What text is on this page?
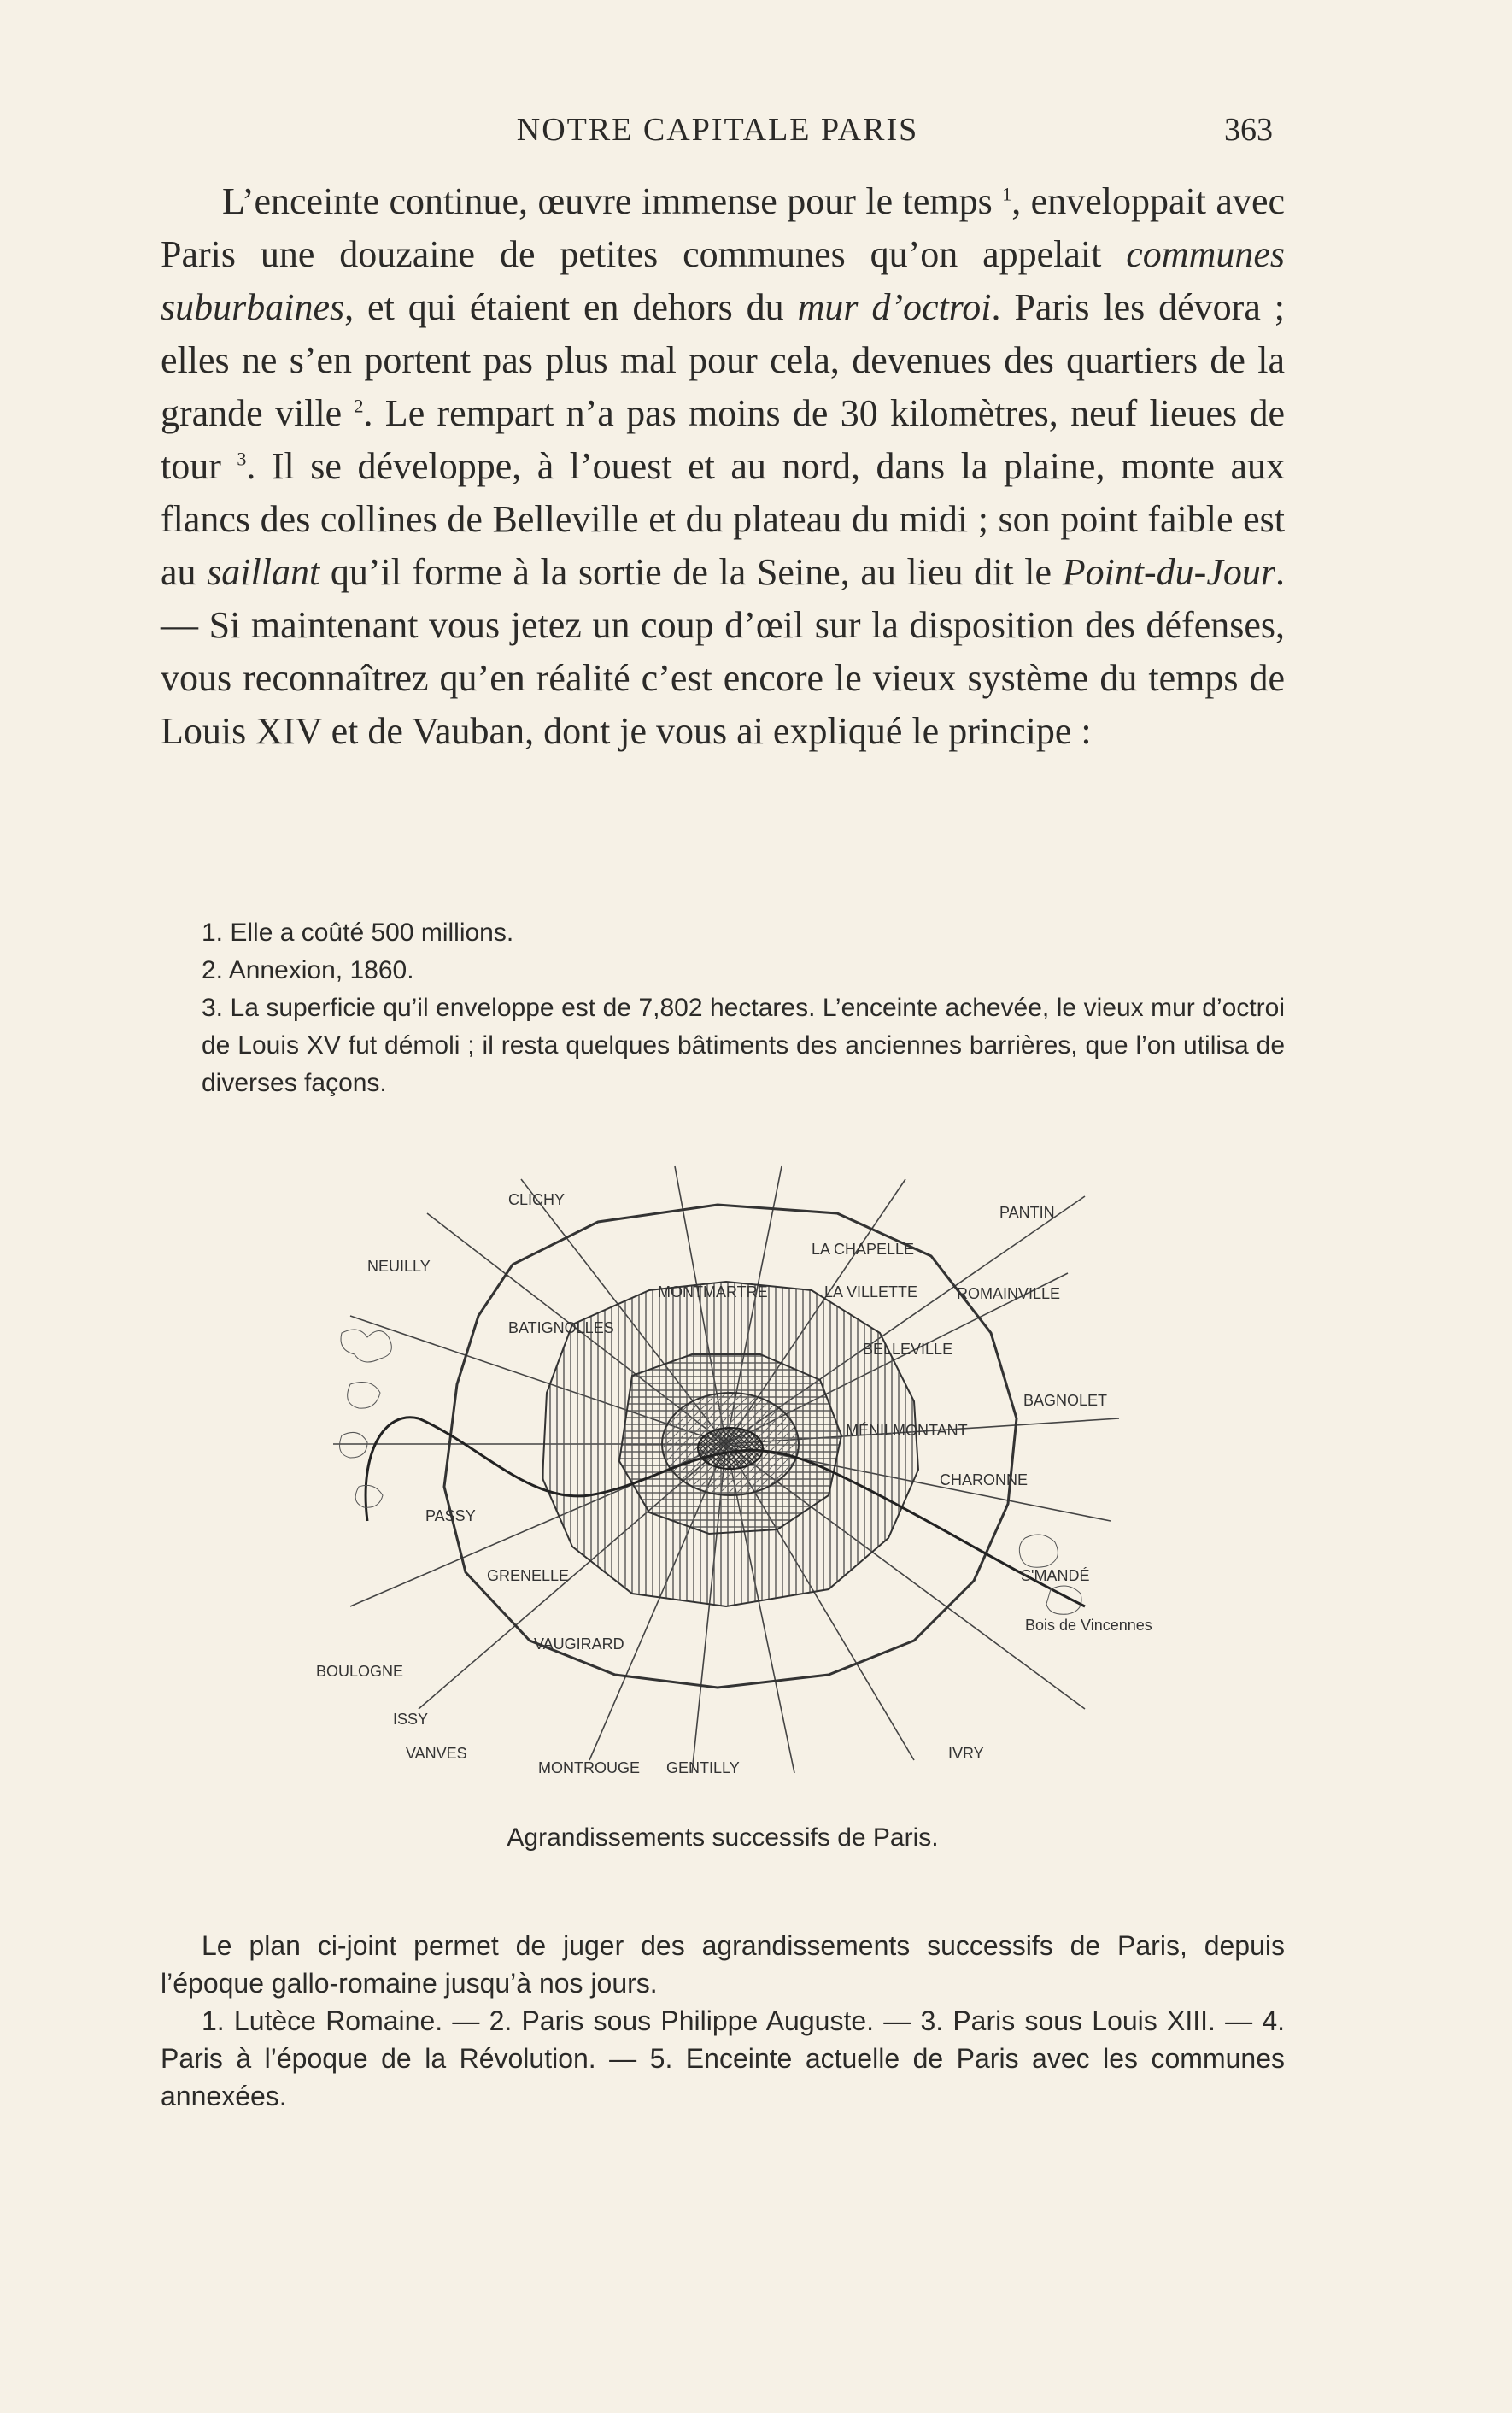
NOTRE CAPITALE PARIS	363

L’enceinte continue, œuvre immense pour le temps $^1$, enveloppait avec Paris une douzaine de petites communes qu’on appelait communes suburbaines, et qui étaient en dehors du mur d’octroi. Paris les dévora ; elles ne s’en portent pas plus mal pour cela, devenues des quartiers de la grande ville $^2$. Le rempart n’a pas moins de 30 kilomètres, neuf lieues de tour $^3$. Il se développe, à l’ouest et au nord, dans la plaine, monte aux flancs des collines de Belleville et du plateau du midi ; son point faible est au saillant qu’il forme à la sortie de la Seine, au lieu dit le Point-du-Jour. — Si maintenant vous jetez un coup d’œil sur la disposition des défenses, vous reconnaîtrez qu’en réalité c’est encore le vieux système du temps de Louis XIV et de Vauban, dont je vous ai expliqué le principe :

1. Elle a coûté 500 millions.

2. Annexion, 1860.

3. La superficie qu’il enveloppe est de 7,802 hectares. L’enceinte achevée, le vieux mur d’octroi de Louis XV fut démoli ; il resta quelques bâtiments des anciennes barrières, que l’on utilisa de diverses façons.

NEUILLY
CLICHY
PANTIN
LA CHAPELLE
MONTMARTRE	LA VILLETTE	ROMAINVILLE
BATIGNOLLES
BELLEVILLE
BAGNOLET
MÉNILMONTANT
CHARONNE
PASSY
S'MANDÉ
GRENELLE
VAUGIRARD
Bois de Vincennes
BOULOGNE
ISSY
VANVES	IVRY
MONTROUGE GENTILLY
Agrandissements successifs de Paris.

Le plan ci-joint permet de juger des agrandissements successifs de Paris, depuis l’époque gallo-romaine jusqu’à nos jours.

1. Lutèce Romaine. — 2. Paris sous Philippe Auguste. — 3. Paris sous Louis XIII. — 4. Paris à l’époque de la Révolution. — 5. Enceinte actuelle de Paris avec les communes annexées.
